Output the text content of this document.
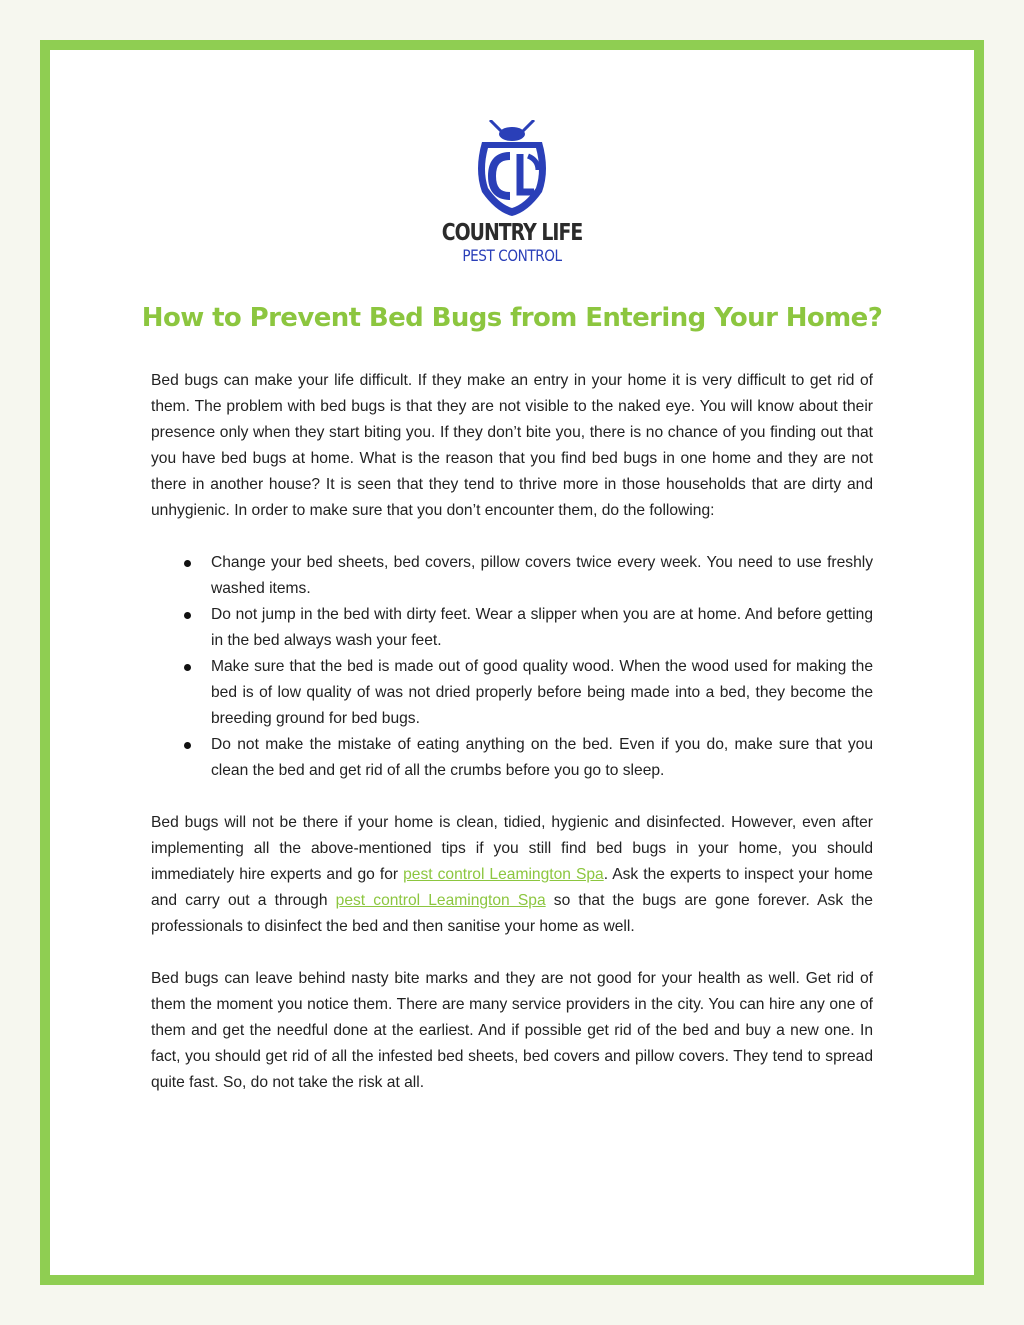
COUNTRY LIFE
PEST CONTROL
How to Prevent Bed Bugs from Entering Your Home?

Bed bugs can make your life difficult. If they make an entry in your home it is very difficult to get rid of them. The problem with bed bugs is that they are not visible to the naked eye. You will know about their presence only when they start biting you. If they don’t bite you, there is no chance of you finding out that you have bed bugs at home. What is the reason that you find bed bugs in one home and they are not there in another house? It is seen that they tend to thrive more in those households that are dirty and unhygienic. In order to make sure that you don’t encounter them, do the following:

Change your bed sheets, bed covers, pillow covers twice every week. You need to use freshly washed items.
Do not jump in the bed with dirty feet. Wear a slipper when you are at home. And before getting in the bed always wash your feet.
Make sure that the bed is made out of good quality wood. When the wood used for making the bed is of low quality of was not dried properly before being made into a bed, they become the breeding ground for bed bugs.
Do not make the mistake of eating anything on the bed. Even if you do, make sure that you clean the bed and get rid of all the crumbs before you go to sleep.

Bed bugs will not be there if your home is clean, tidied, hygienic and disinfected. However, even after implementing all the above-mentioned tips if you still find bed bugs in your home, you should immediately hire experts and go for pest control Leamington Spa. Ask the experts to inspect your home and carry out a through pest control Leamington Spa so that the bugs are gone forever. Ask the professionals to disinfect the bed and then sanitise your home as well.

Bed bugs can leave behind nasty bite marks and they are not good for your health as well. Get rid of them the moment you notice them. There are many service providers in the city. You can hire any one of them and get the needful done at the earliest. And if possible get rid of the bed and buy a new one. In fact, you should get rid of all the infested bed sheets, bed covers and pillow covers. They tend to spread quite fast. So, do not take the risk at all.
